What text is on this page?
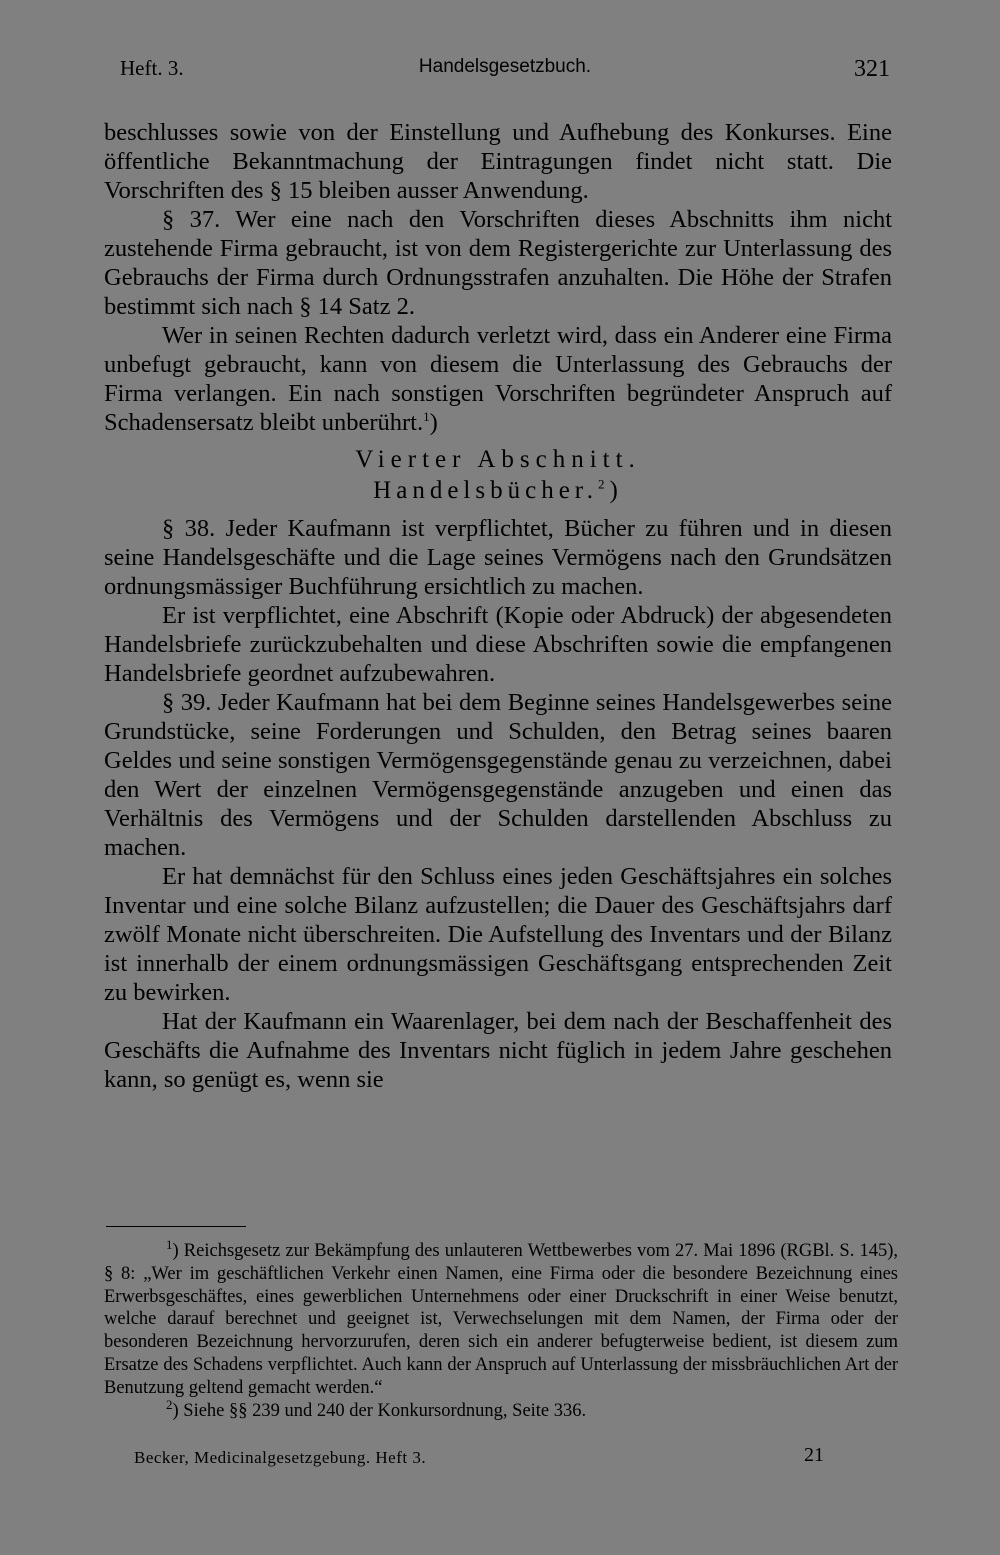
Heft. 3.	Handelsgesetzbuch.	321

beschlusses sowie von der Einstellung und Aufhebung des Konkurses. Eine öffentliche Bekanntmachung der Eintragungen findet nicht statt. Die Vorschriften des § 15 bleiben ausser Anwendung.

§ 37. Wer eine nach den Vorschriften dieses Abschnitts ihm nicht zustehende Firma gebraucht, ist von dem Registergerichte zur Unterlassung des Gebrauchs der Firma durch Ordnungsstrafen anzuhalten. Die Höhe der Strafen bestimmt sich nach § 14 Satz 2.

Wer in seinen Rechten dadurch verletzt wird, dass ein Anderer eine Firma unbefugt gebraucht, kann von diesem die Unterlassung des Gebrauchs der Firma verlangen. Ein nach sonstigen Vorschriften begründeter Anspruch auf Schadensersatz bleibt unberührt.$^1$)

Vierter Abschnitt.

Handelsbücher.$^2$)

§ 38. Jeder Kaufmann ist verpflichtet, Bücher zu führen und in diesen seine Handelsgeschäfte und die Lage seines Vermögens nach den Grundsätzen ordnungsmässiger Buchführung ersichtlich zu machen.

Er ist verpflichtet, eine Abschrift (Kopie oder Abdruck) der abgesendeten Handelsbriefe zurückzubehalten und diese Abschriften sowie die empfangenen Handelsbriefe geordnet aufzubewahren.

§ 39. Jeder Kaufmann hat bei dem Beginne seines Handelsgewerbes seine Grundstücke, seine Forderungen und Schulden, den Betrag seines baaren Geldes und seine sonstigen Vermögensgegenstände genau zu verzeichnen, dabei den Wert der einzelnen Vermögensgegenstände anzugeben und einen das Verhältnis des Vermögens und der Schulden darstellenden Abschluss zu machen.

Er hat demnächst für den Schluss eines jeden Geschäftsjahres ein solches Inventar und eine solche Bilanz aufzustellen; die Dauer des Geschäftsjahrs darf zwölf Monate nicht überschreiten. Die Aufstellung des Inventars und der Bilanz ist innerhalb der einem ordnungsmässigen Geschäftsgang entsprechenden Zeit zu bewirken.

Hat der Kaufmann ein Waarenlager, bei dem nach der Beschaffenheit des Geschäfts die Aufnahme des Inventars nicht füglich in jedem Jahre geschehen kann, so genügt es, wenn sie

$^1$) Reichsgesetz zur Bekämpfung des unlauteren Wettbewerbes vom 27. Mai 1896 (RGBl. S. 145), § 8: „Wer im geschäftlichen Verkehr einen Namen, eine Firma oder die besondere Bezeichnung eines Erwerbsgeschäftes, eines gewerblichen Unternehmens oder einer Druckschrift in einer Weise benutzt, welche darauf berechnet und geeignet ist, Verwechselungen mit dem Namen, der Firma oder der besonderen Bezeichnung hervorzurufen, deren sich ein anderer befugterweise bedient, ist diesem zum Ersatze des Schadens verpflichtet. Auch kann der Anspruch auf Unterlassung der missbräuchlichen Art der Benutzung geltend gemacht werden.“

$^2$) Siehe §§ 239 und 240 der Konkursordnung, Seite 336.

Becker, Medicinalgesetzgebung. Heft 3.	21
